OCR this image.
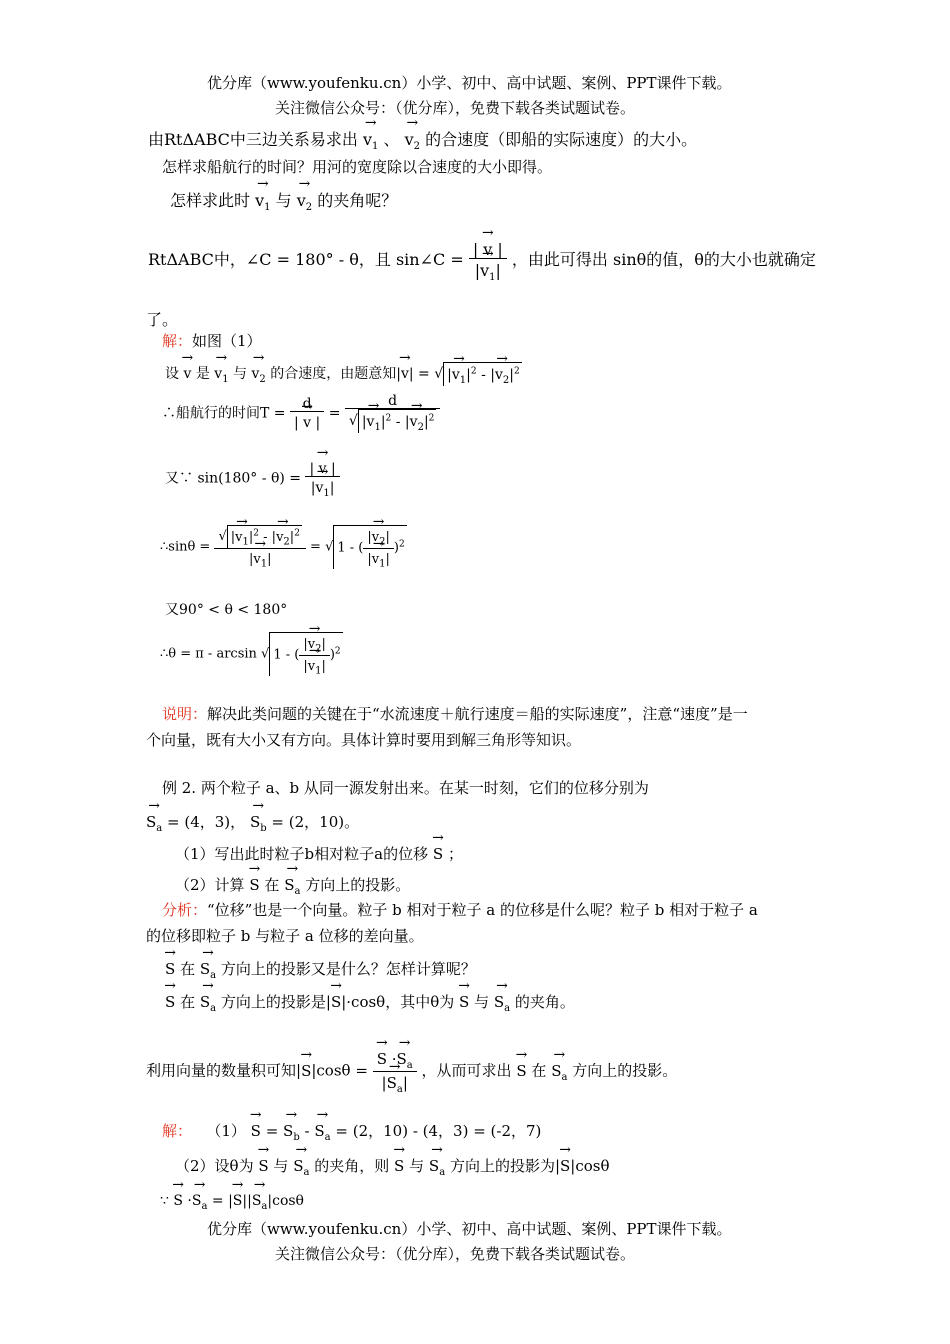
优分库（www.youfenku.cn）小学、初中、高中试题、案例、PPT课件下载。
关注微信公众号：（优分库），免费下载各类试题试卷。
由RtΔABC中三边关系易求出 → $v_1$ 、 → $v_2$ 的合速度（即船的实际速度）的大小。
怎样求船航行的时间？用河的宽度除以合速度的大小即得。
怎样求此时 → $v_1$ 与 → $v_2$ 的夹角呢？
RtΔABC中，∠C = 180° - θ，且 sin∠C = → $\frac{| v |}{|\to v_1|}$ ，由此可得出 sinθ的值，θ的大小也就确定
了。
解：如图（1）
设 → v 是 → $v_1$ 与 → $v_2$ 的合速度，由题意知|→ v| = √ |→ $v_1|^2$ - |→ $v_2|^2$
∴船航行的时间$T = \frac{d}{| \to v |} = \frac{d}{√ |\to v_1|^2 - |\to v_2|^2}$
又∵ $\sin(180^\circ - \theta) = \frac{| \to v |}{|\to v_1|}$
∴sinθ = $\frac{√ |\to v_1|^2 - |\to v_2|^2}{|\to v_1|}$ = √ 1 - ( $\frac{|\to v_2|}{|\to v_1|} )^2$
又90° < θ < 180°
∴θ = π - arcsin √ 1 - ( $\frac{|\to v_2|}{|\to v_1|} )^2$
说明：解决此类问题的关键在于“水流速度＋航行速度＝船的实际速度”，注意“速度”是一
个向量，既有大小又有方向。具体计算时要用到解三角形等知识。
例 2. 两个粒子 a、b 从同一源发射出来。在某一时刻，它们的位移分别为
→ $S_a = (4$，3)， → $S_b = (2$，10)。
（1）写出此时粒子b相对粒子a的位移 → S ；
（2）计算 → S 在 → $S_a$ 方向上的投影。
分析：“位移”也是一个向量。粒子 b 相对于粒子 a 的位移是什么呢？粒子 b 相对于粒子 a
的位移即粒子 b 与粒子 a 位移的差向量。
→ S 在 → $S_a$ 方向上的投影又是什么？怎样计算呢？
→ S 在 → $S_a$ 方向上的投影是|→ S|·cosθ，其中θ为 → S 与 → $S_a$ 的夹角。
利用向量的数量积可知|→ S|cosθ = → $\frac{S \cdot\to S_a}{|\to S_a|}$ ，从而可求出 → S 在 → $S_a$ 方向上的投影。
解： （1） → S = → $S_b$ - → $S_a = (2$，10) - (4，3) = (-2，7)
（2）设θ为 → S 与 → $S_a$ 的夹角，则 → S 与 → $S_a$ 方向上的投影为|→ S|cosθ
∵ → $S \cdot\to S_a$ = |→ $S||\to S_a|\cos\theta$
优分库（www.youfenku.cn）小学、初中、高中试题、案例、PPT课件下载。
关注微信公众号：（优分库），免费下载各类试题试卷。
